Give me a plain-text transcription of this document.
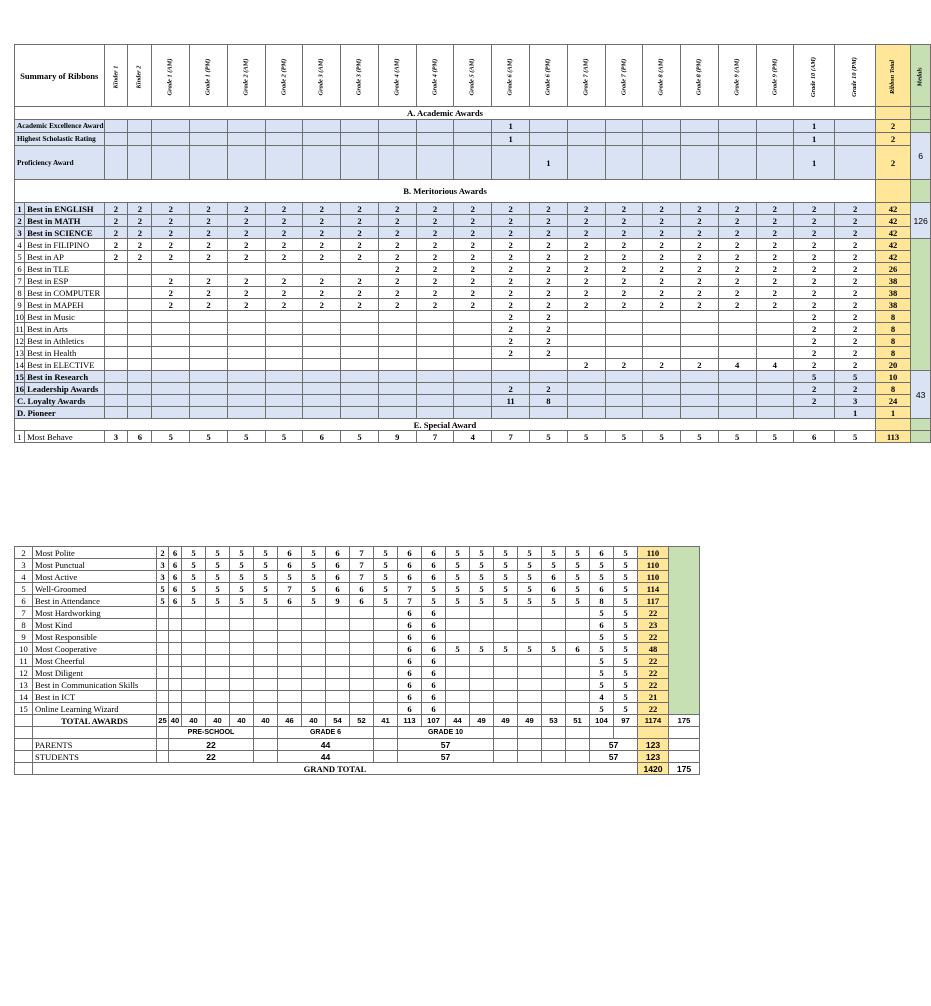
Summary of Ribbons		Kinder 1	Kinder 2	Grade 1 (AM)	Grade 1 (PM)	Grade 2 (AM)	Grade 2 (PM)	Grade 3 (AM)	Grade 3 (PM)	Grade 4 (AM)	Grade 4 (PM)	Grade 5 (AM)	Grade 6 (AM)	Grade 6 (PM)	Grade 7 (AM)	Grade 7 (PM)	Grade 8 (AM)	Grade 8 (PM)	Grade 9 (AM)	Grade 9 (PM)	Grade 10 (AM)	Grade 10 (PM)	Ribbon Total	Medals
A. Academic Awards																								
Academic Excellence Award													1								1		2	
Highest Scholastic Rating													1								1		2	6
Proficiency Award														1							1		2	
B. Meritorious Awards																								
1	Best in ENGLISH	2	2	2	2	2	2	2	2	2	2	2	2	2	2	2	2	2	2	2	2	2	42	126
2	Best in MATH	2	2	2	2	2	2	2	2	2	2	2	2	2	2	2	2	2	2	2	2	2	42	
3	Best in SCIENCE	2	2	2	2	2	2	2	2	2	2	2	2	2	2	2	2	2	2	2	2	2	42	
4	Best in FILIPINO	2	2	2	2	2	2	2	2	2	2	2	2	2	2	2	2	2	2	2	2	2	42	
5	Best in AP	2	2	2	2	2	2	2	2	2	2	2	2	2	2	2	2	2	2	2	2	2	42	
6	Best in TLE									2	2	2	2	2	2	2	2	2	2	2	2	2	26	
7	Best in ESP			2	2	2	2	2	2	2	2	2	2	2	2	2	2	2	2	2	2	2	38	
8	Best in COMPUTER			2	2	2	2	2	2	2	2	2	2	2	2	2	2	2	2	2	2	2	38	
9	Best in MAPEH			2	2	2	2	2	2	2	2	2	2	2	2	2	2	2	2	2	2	2	38	
10	Best in Music												2	2							2	2	8	
11	Best in Arts												2	2							2	2	8	
12	Best in Athletics												2	2							2	2	8	
13	Best in Health												2	2							2	2	8	
14	Best in ELECTIVE														2	2	2	2	4	4	2	2	20	
15	Best in Research																				5	5	10	43
16	Leadership Awards												2	2							2	2	8	
C. Loyalty Awards													11	8							2	3	24	
D. Pioneer																						1	1	
E. Special Award																								
1	Most Behave	3	6	5	5	5	5	6	5	9	7	4	7	5	5	5	5	5	5	5	6	5	113	
2	Most Polite	2	6	5	5	5	5	6	5	6	7	5	6	6	5	5	5	5	5	5	6	5	110	
3	Most Punctual	3	6	5	5	5	5	6	5	6	7	5	6	6	5	5	5	5	5	5	5	5	110	
4	Most Active	3	6	5	5	5	5	5	5	6	7	5	6	6	5	5	5	5	6	5	5	5	110	
5	Well-Groomed	5	6	5	5	5	5	7	5	6	6	5	7	5	5	5	5	5	6	5	6	5	114	
6	Best in Attendance	5	6	5	5	5	5	6	5	9	6	5	7	5	5	5	5	5	5	5	8	5	117	
7	Most Hardworking												6	6							5	5	22	
8	Most Kind												6	6							6	5	23	
9	Most Responsible												6	6							5	5	22	
10	Most Cooperative												6	6	5	5	5	5	5	6	5	5	48	
11	Most Cheerful												6	6							5	5	22	
12	Most Diligent												6	6							5	5	22	
13	Best in Communication Skills												6	6							5	5	22	
14	Best in ICT												6	6							4	5	21	
15	Online Learning Wizard												6	6							5	5	22	
	TOTAL AWARDS	25	40	40	40	40	40	46	40	54	52	41	113	107	44	49	49	49	53	51	104	97	1174	175
			PRE-SCHOOL					GRADE 6					GRADE 10											
	PARENTS		22					44					57								57		123	
	STUDENTS		22					44					57								57		123	
	GRAND TOTAL																						1420	175
